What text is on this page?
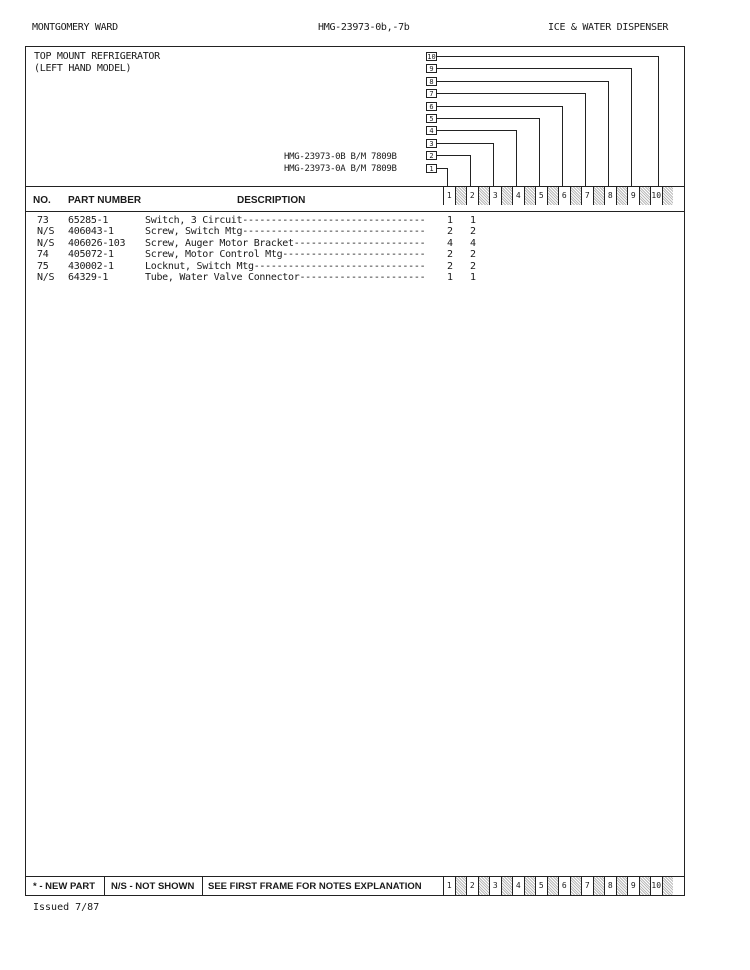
MONTGOMERY WARD	HMG-23973-0b,-7b	ICE & WATER DISPENSER
TOP MOUNT REFRIGERATOR
(LEFT HAND MODEL)
HMG-23973-0B B/M 7809B
HMG-23973-0A B/M 7809B
10
9
8
7
6
5
4
3
2
1
NO. PART NUMBER	DESCRIPTION	1	2	3	4	5	6	7	8	9	10
1	2	3	4	5	6	7	8	9	10
73 65285-1	Switch, 3 Circuit-------------------------------- 1 1
N/S 406043-1	Screw, Switch Mtg-------------------------------- 2 2
N/S 406026-103 Screw, Auger Motor Bracket----------------------- 4 4
74 405072-1	Screw, Motor Control Mtg------------------------- 2 2
75 430002-1	Locknut, Switch Mtg------------------------------ 2 2
N/S 64329-1	Tube, Water Valve Connector---------------------- 1 1
* - NEW PART N/S - NOT SHOWN SEE FIRST FRAME FOR NOTES EXPLANATION
Issued 7/87
